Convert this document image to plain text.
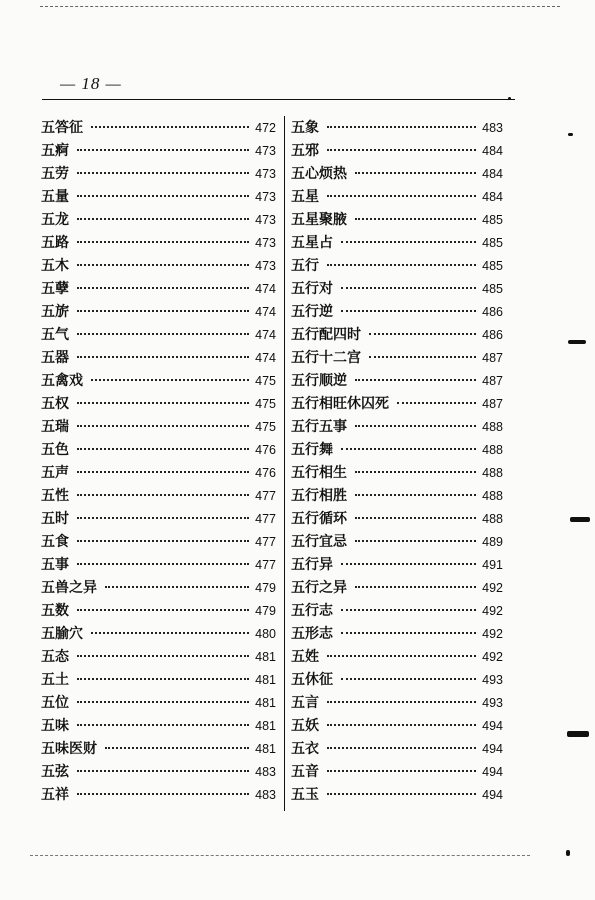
— 18 —
五答征	472
五痾	473
五劳	473
五量	473
五龙	473
五路	473
五木	473
五孽	474
五旂	474
五气	474
五器	474
五禽戏	475
五权	475
五瑞	475
五色	476
五声	476
五性	477
五时	477
五食	477
五事	477
五兽之异	479
五数	479
五腧穴	480
五态	481
五土	481
五位	481
五味	481
五味医财	481
五弦	483
五祥	483
五象	483
五邪	484
五心烦热	484
五星	484
五星聚腋	485
五星占	485
五行	485
五行对	485
五行逆	486
五行配四时	486
五行十二宫	487
五行顺逆	487
五行相旺休囚死	487
五行五事	488
五行舞	488
五行相生	488
五行相胜	488
五行循环	488
五行宜忌	489
五行异	491
五行之异	492
五行志	492
五形志	492
五姓	492
五休征	493
五言	493
五妖	494
五衣	494
五音	494
五玉	494
